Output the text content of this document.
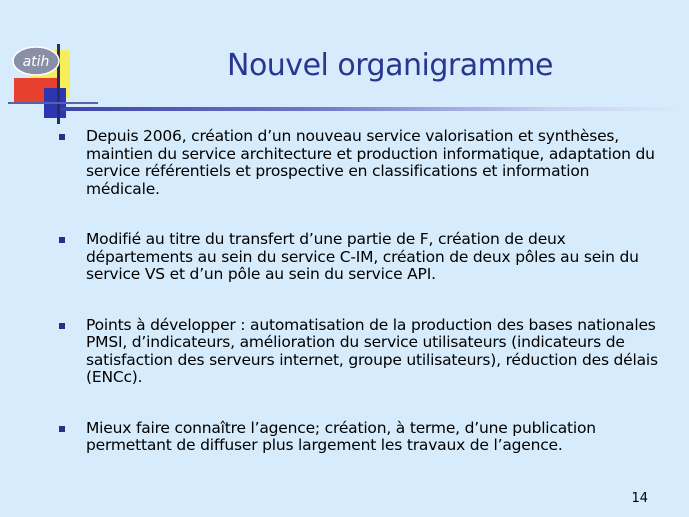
atih	Nouvel organigramme
Depuis 2006, création d’un nouveau service valorisation et synthèses, maintien du service architecture et production informatique, adaptation du service référentiels et prospective en classifications et information médicale.
Modifié au titre du transfert d’une partie de F, création de deux départements au sein du service C-IM, création de deux pôles au sein du service VS et d’un pôle au sein du service API.
Points à développer : automatisation de la production des bases nationales PMSI, d’indicateurs, amélioration du service utilisateurs (indicateurs de satisfaction des serveurs internet, groupe utilisateurs), réduction des délais (ENCc).
Mieux faire connaître l’agence; création, à terme, d’une publication permettant de diffuser plus largement les travaux de l’agence.
14
